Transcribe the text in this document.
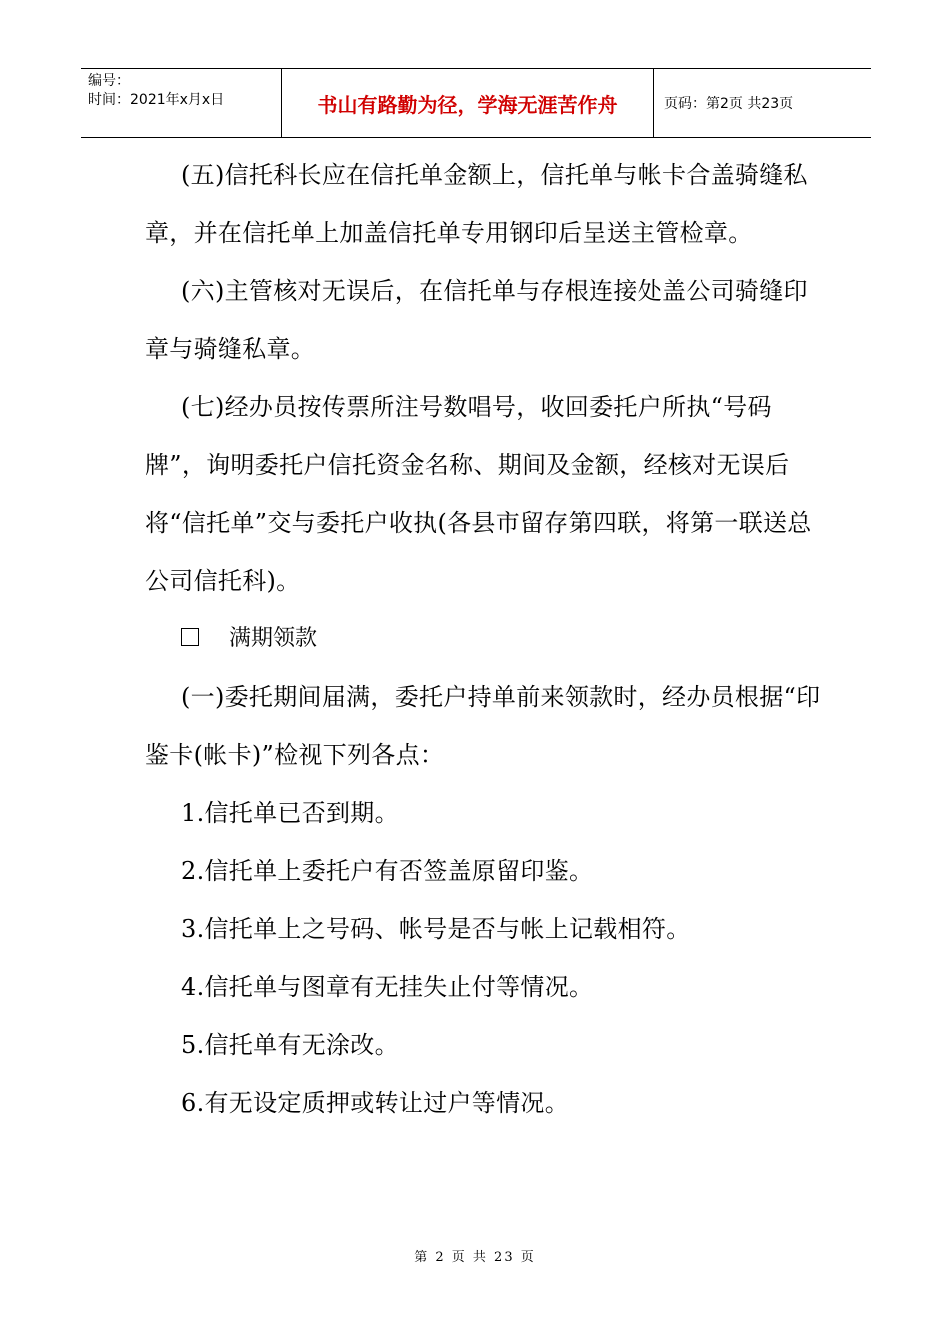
编号：
时间：2021年x月x日	书山有路勤为径，学海无涯苦作舟	页码：第2页 共23页

(五)信托科长应在信托单金额上，信托单与帐卡合盖骑缝私章，并在信托单上加盖信托单专用钢印后呈送主管检章。

(六)主管核对无误后，在信托单与存根连接处盖公司骑缝印章与骑缝私章。

(七)经办员按传票所注号数唱号，收回委托户所执“号码牌”，询明委托户信托资金名称、期间及金额，经核对无误后将“信托单”交与委托户收执(各县市留存第四联，将第一联送总公司信托科)。

满期领款

(一)委托期间届满，委托户持单前来领款时，经办员根据“印鉴卡(帐卡)”检视下列各点：

1.信托单已否到期。

2.信托单上委托户有否签盖原留印鉴。

3.信托单上之号码、帐号是否与帐上记载相符。

4.信托单与图章有无挂失止付等情况。

5.信托单有无涂改。

6.有无设定质押或转让过户等情况。

第 2 页 共 23 页
